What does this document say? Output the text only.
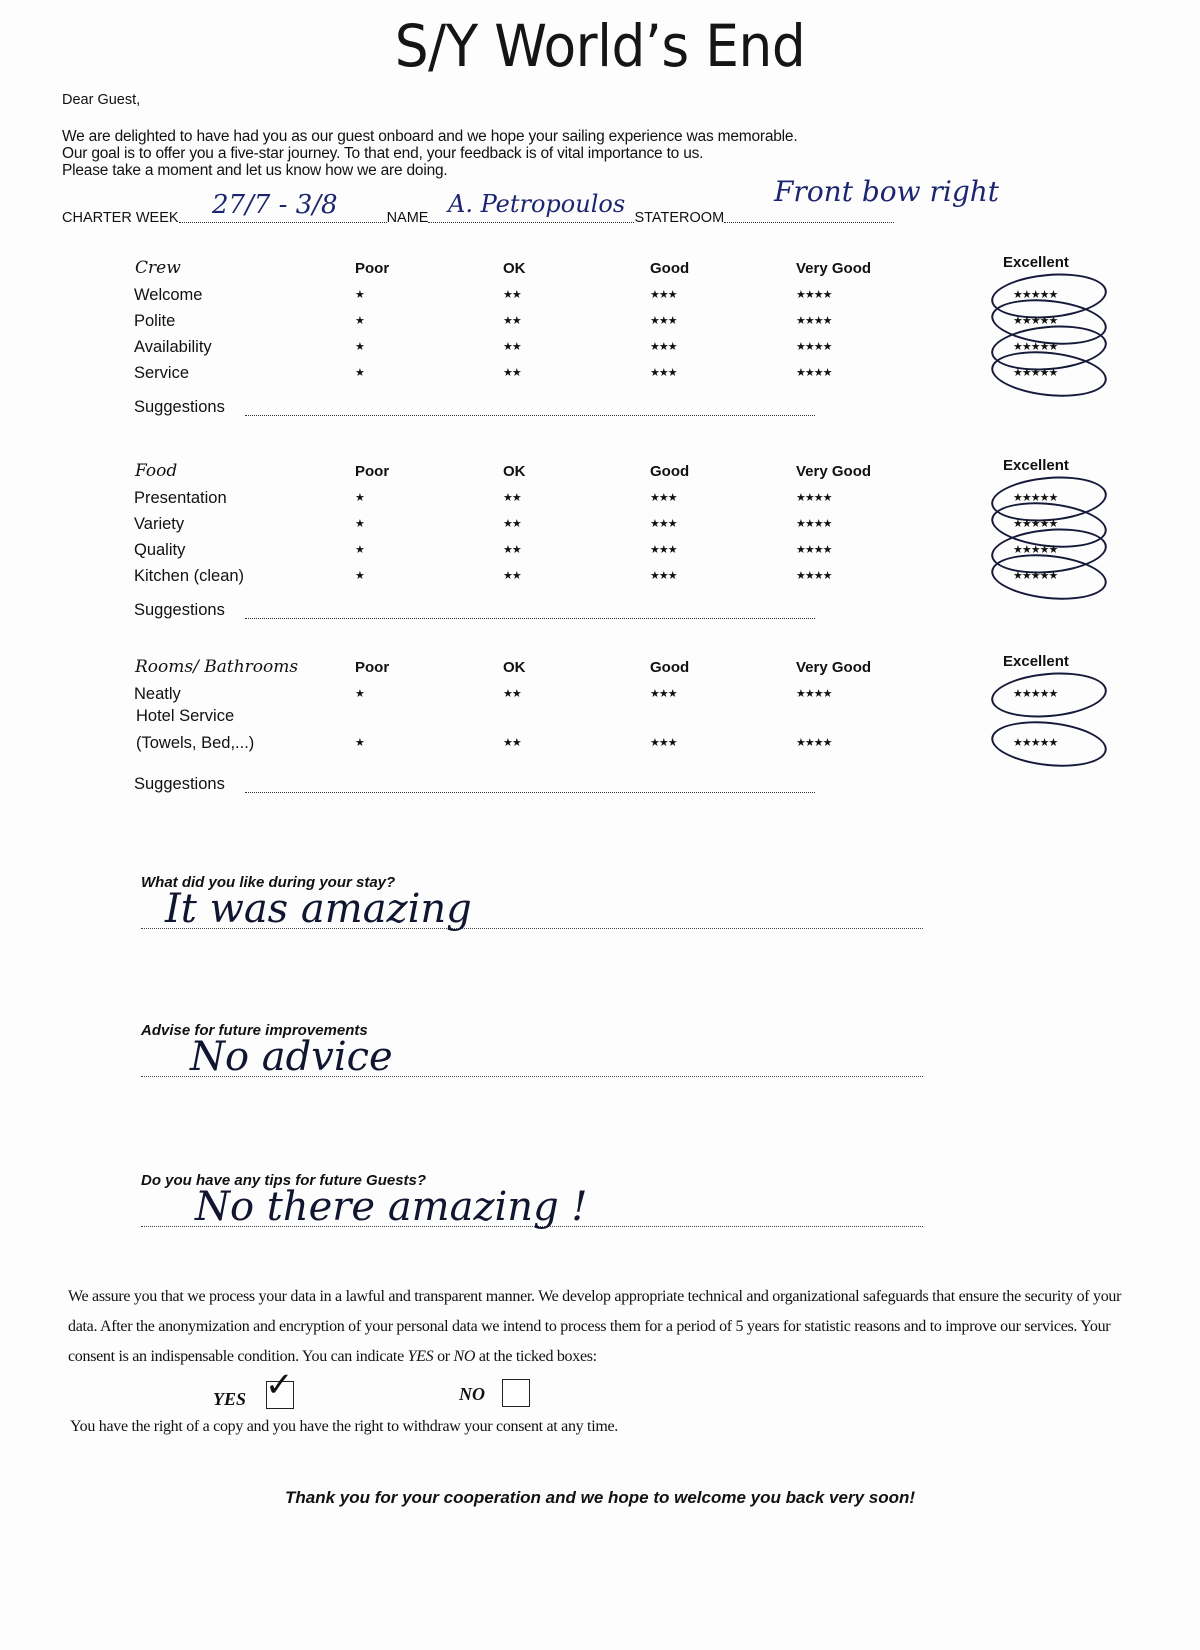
S/Y World’s End
Dear Guest,
We are delighted to have had you as our guest onboard and we hope your sailing experience was memorable.
Our goal is to offer you a five-star journey. To that end, your feedback is of vital importance to us.
Please take a moment and let us know how we are doing.
CHARTER WEEK	NAME	STATEROOM
27/7 - 3/8	A. Petropoulos	Front bow right
Crew	Poor	OK	Good	Very Good	Excellent
Welcome	★	★★	★★★	★★★★	★★★★★
Polite	★	★★	★★★	★★★★	★★★★★
Availability	★	★★	★★★	★★★★	★★★★★
Service	★	★★	★★★	★★★★	★★★★★
Suggestions
Food	Poor	OK	Good	Very Good	Excellent
Presentation	★	★★	★★★	★★★★	★★★★★
Variety	★	★★	★★★	★★★★	★★★★★
Quality	★	★★	★★★	★★★★	★★★★★
Kitchen (clean)	★	★★	★★★	★★★★	★★★★★
Suggestions
Rooms/ Bathrooms	Poor	OK	Good	Very Good	Excellent
Neatly	★	★★	★★★	★★★★	★★★★★
Hotel Service
(Towels, Bed,...)	★	★★	★★★	★★★★	★★★★★
Suggestions
What did you like during your stay?
It was amazing
Advise for future improvements
No advice
Do you have any tips for future Guests?
No there amazing !
We assure you that we process your data in a lawful and transparent manner. We develop appropriate technical and organizational safeguards that ensure the security of your data. After the anonymization and encryption of your personal data we intend to process them for a period of 5 years for statistic reasons and to improve our services. Your consent is an indispensable condition. You can indicate YES or NO at the ticked boxes:
YES ✓	NO
You have the right of a copy and you have the right to withdraw your consent at any time.
Thank you for your cooperation and we hope to welcome you back very soon!
